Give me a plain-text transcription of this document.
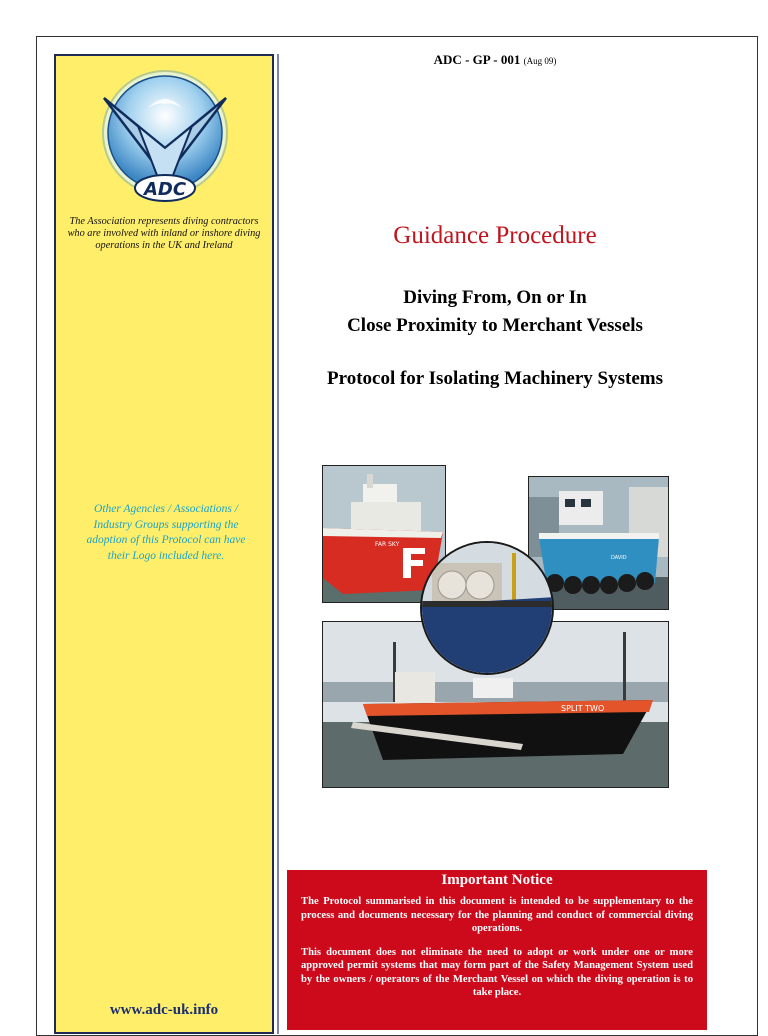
ADC
The Association represents diving contractors who are involved with inland or inshore diving operations in the UK and Ireland
Other Agencies / Associations / Industry Groups supporting the adoption of this Protocol can have their Logo included here.
www.adc-uk.info
ADC - GP - 001 (Aug 09)
Guidance Procedure
Diving From, On or In
Close Proximity to Merchant Vessels
Protocol for Isolating Machinery Systems
FAR SKY
DAVID
SPLIT TWO
Important Notice

The Protocol summarised in this document is intended to be supplementary to the process and documents necessary for the planning and conduct of commercial diving operations.

This document does not eliminate the need to adopt or work under one or more approved permit systems that may form part of the Safety Management System used by the owners / operators of the Merchant Vessel on which the diving operation is to take place.
